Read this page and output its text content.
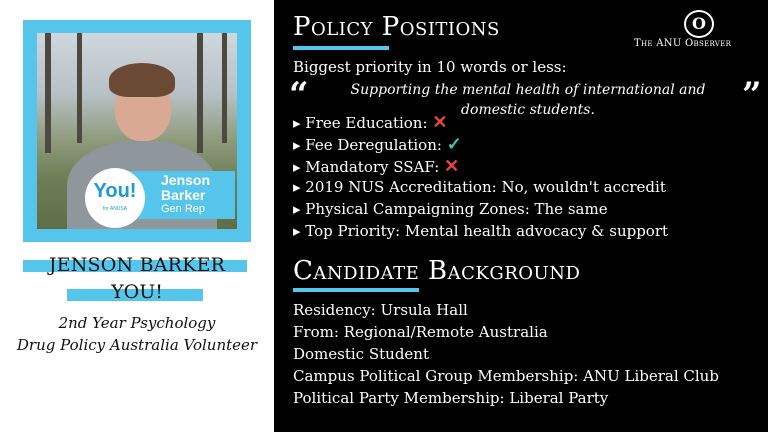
Jenson
Barker
Gen Rep
You!
for ANUSA
JENSON BARKER
YOU!
2nd Year Psychology
Drug Policy Australia Volunteer
Policy Positions	O
The ANU Observer
Biggest priority in 10 words or less:
“	Supporting the mental health of international and domestic students.	”
▸ Free Education: ✕
▸ Fee Deregulation: ✓
▸ Mandatory SSAF: ✕
▸ 2019 NUS Accreditation: No, wouldn't accredit
▸ Physical Campaigning Zones: The same
▸ Top Priority: Mental health advocacy & support
Candidate Background
Residency: Ursula Hall
From: Regional/Remote Australia
Domestic Student
Campus Political Group Membership: ANU Liberal Club
Political Party Membership: Liberal Party
